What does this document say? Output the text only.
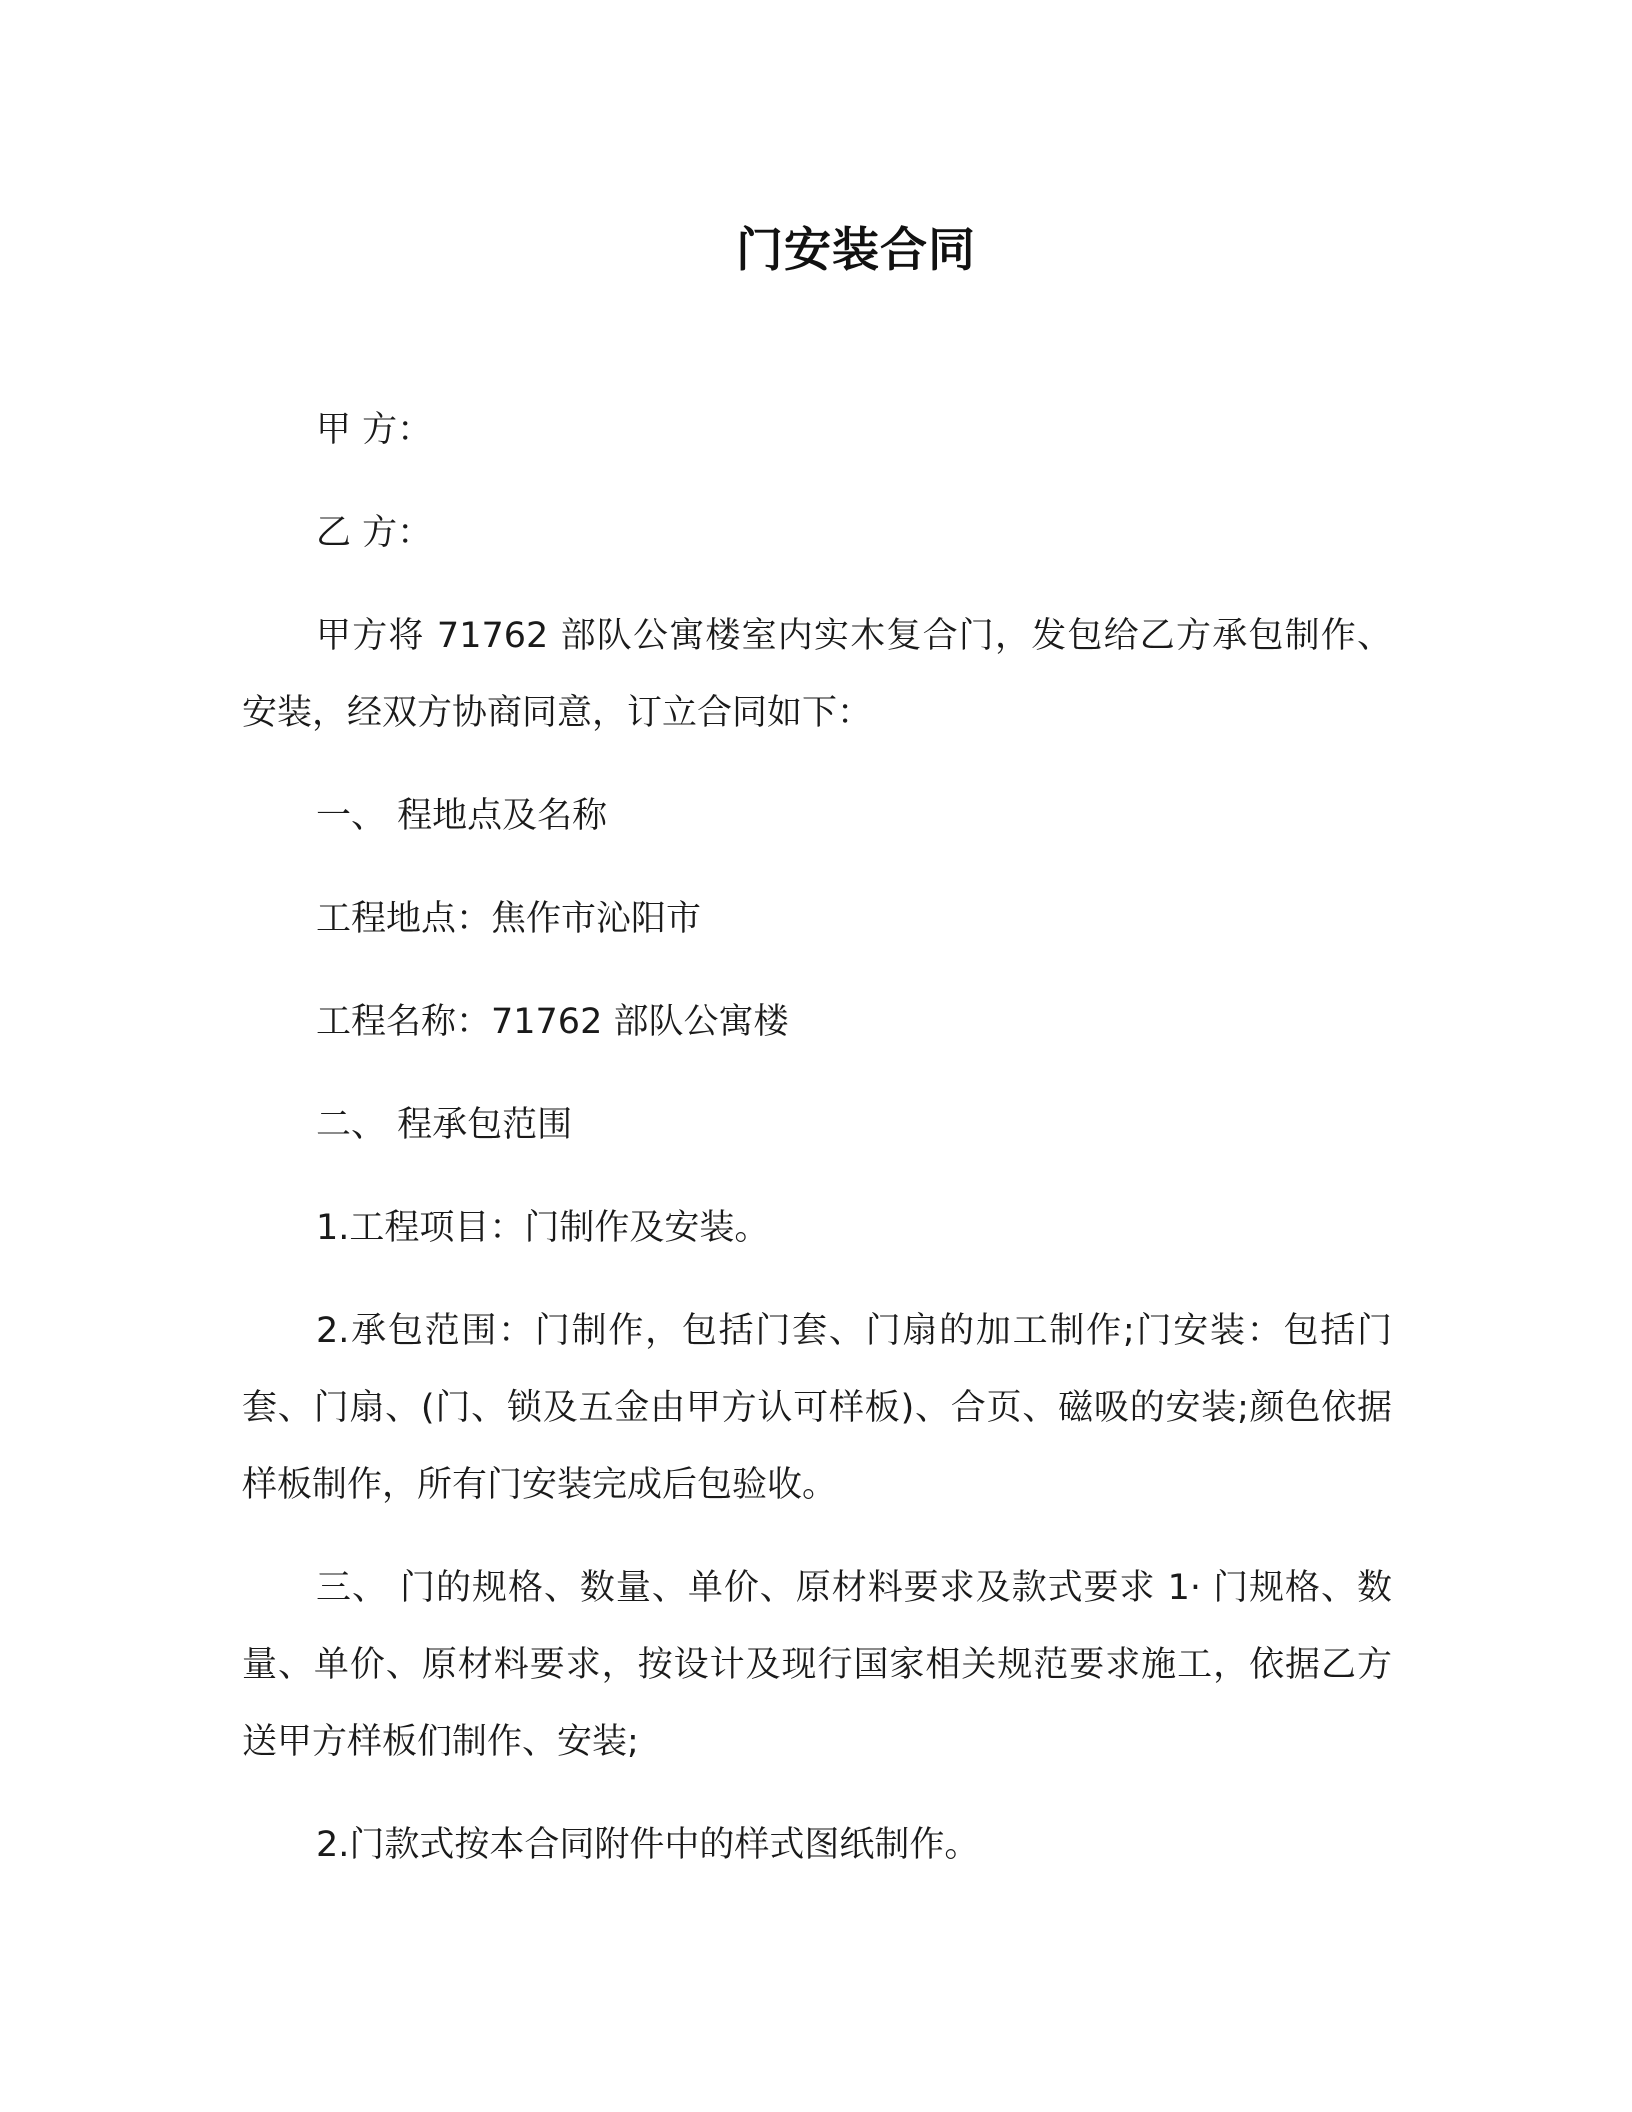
门安装合同

甲 方：

乙 方：

甲方将 71762 部队公寓楼室内实木复合门，发包给乙方承包制作、安装，经双方协商同意，订立合同如下：

一、 程地点及名称

工程地点：焦作市沁阳市

工程名称：71762 部队公寓楼

二、 程承包范围

1.工程项目：门制作及安装。

2.承包范围：门制作，包括门套、门扇的加工制作;门安装：包括门套、门扇、(门、锁及五金由甲方认可样板)、合页、磁吸的安装;颜色依据样板制作，所有门安装完成后包验收。

三、 门的规格、数量、单价、原材料要求及款式要求 1· 门规格、数量、单价、原材料要求，按设计及现行国家相关规范要求施工，依据乙方送甲方样板们制作、安装;

2.门款式按本合同附件中的样式图纸制作。
